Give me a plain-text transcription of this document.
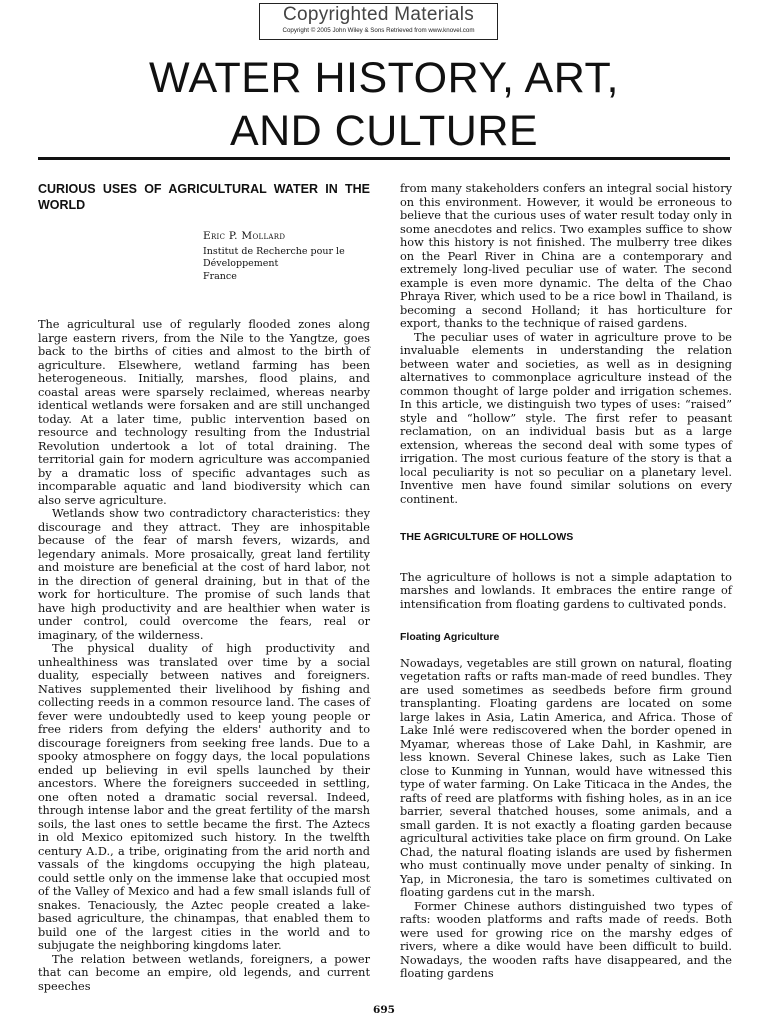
Copyrighted Materials
Copyright © 2005 John Wiley & Sons Retrieved from www.knovel.com
WATER HISTORY, ART,
AND CULTURE
CURIOUS USES OF AGRICULTURAL WATER IN THE WORLD
Eric P. Mollard
Institut de Recherche pour le
Développement
France

The agricultural use of regularly flooded zones along large eastern rivers, from the Nile to the Yangtze, goes back to the births of cities and almost to the birth of agriculture. Elsewhere, wetland farming has been heterogeneous. Initially, marshes, flood plains, and coastal areas were sparsely reclaimed, whereas nearby identical wetlands were forsaken and are still unchanged today. At a later time, public intervention based on resource and technology resulting from the Industrial Revolution undertook a lot of total draining. The territorial gain for modern agriculture was accompanied by a dramatic loss of specific advantages such as incomparable aquatic and land biodiversity which can also serve agriculture.

Wetlands show two contradictory characteristics: they discourage and they attract. They are inhospitable because of the fear of marsh fevers, wizards, and legendary animals. More prosaically, great land fertility and moisture are beneficial at the cost of hard labor, not in the direction of general draining, but in that of the work for horticulture. The promise of such lands that have high productivity and are healthier when water is under control, could overcome the fears, real or imaginary, of the wilderness.

The physical duality of high productivity and unhealthiness was translated over time by a social duality, especially between natives and foreigners. Natives supplemented their livelihood by fishing and collecting reeds in a common resource land. The cases of fever were undoubtedly used to keep young people or free riders from defying the elders' authority and to discourage foreigners from seeking free lands. Due to a spooky atmosphere on foggy days, the local populations ended up believing in evil spells launched by their ancestors. Where the foreigners succeeded in settling, one often noted a dramatic social reversal. Indeed, through intense labor and the great fertility of the marsh soils, the last ones to settle became the first. The Aztecs in old Mexico epitomized such history. In the twelfth century A.D., a tribe, originating from the arid north and vassals of the kingdoms occupying the high plateau, could settle only on the immense lake that occupied most of the Valley of Mexico and had a few small islands full of snakes. Tenaciously, the Aztec people created a lake-based agriculture, the chinampas, that enabled them to build one of the largest cities in the world and to subjugate the neighboring kingdoms later.

The relation between wetlands, foreigners, a power that can become an empire, old legends, and current speeches

from many stakeholders confers an integral social history on this environment. However, it would be erroneous to believe that the curious uses of water result today only in some anecdotes and relics. Two examples suffice to show how this history is not finished. The mulberry tree dikes on the Pearl River in China are a contemporary and extremely long-lived peculiar use of water. The second example is even more dynamic. The delta of the Chao Phraya River, which used to be a rice bowl in Thailand, is becoming a second Holland; it has horticulture for export, thanks to the technique of raised gardens.

The peculiar uses of water in agriculture prove to be invaluable elements in understanding the relation between water and societies, as well as in designing alternatives to commonplace agriculture instead of the common thought of large polder and irrigation schemes. In this article, we distinguish two types of uses: “raised” style and “hollow” style. The first refer to peasant reclamation, on an individual basis but as a large extension, whereas the second deal with some types of irrigation. The most curious feature of the story is that a local peculiarity is not so peculiar on a planetary level. Inventive men have found similar solutions on every continent.

THE AGRICULTURE OF HOLLOWS

The agriculture of hollows is not a simple adaptation to marshes and lowlands. It embraces the entire range of intensification from floating gardens to cultivated ponds.

Floating Agriculture

Nowadays, vegetables are still grown on natural, floating vegetation rafts or rafts man-made of reed bundles. They are used sometimes as seedbeds before firm ground transplanting. Floating gardens are located on some large lakes in Asia, Latin America, and Africa. Those of Lake Inlé were rediscovered when the border opened in Myamar, whereas those of Lake Dahl, in Kashmir, are less known. Several Chinese lakes, such as Lake Tien close to Kunming in Yunnan, would have witnessed this type of water farming. On Lake Titicaca in the Andes, the rafts of reed are platforms with fishing holes, as in an ice barrier, several thatched houses, some animals, and a small garden. It is not exactly a floating garden because agricultural activities take place on firm ground. On Lake Chad, the natural floating islands are used by fishermen who must continually move under penalty of sinking. In Yap, in Micronesia, the taro is sometimes cultivated on floating gardens cut in the marsh.

Former Chinese authors distinguished two types of rafts: wooden platforms and rafts made of reeds. Both were used for growing rice on the marshy edges of rivers, where a dike would have been difficult to build. Nowadays, the wooden rafts have disappeared, and the floating gardens

695
